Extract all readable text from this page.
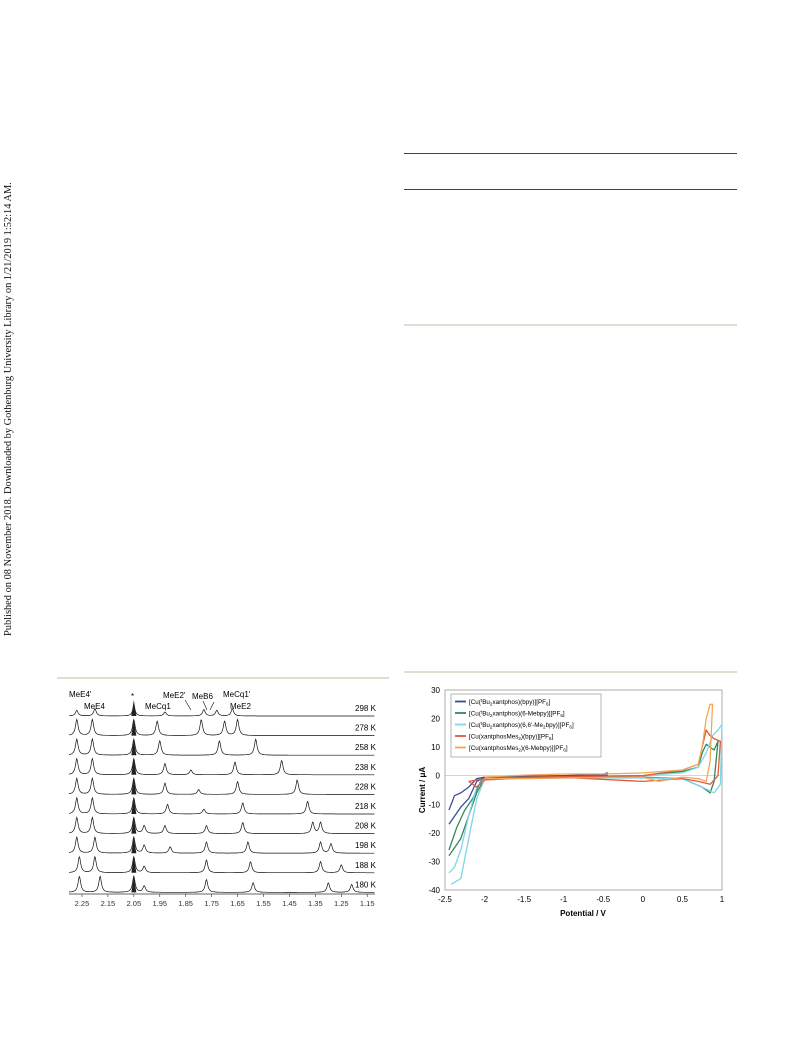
Published on 08 November 2018. Downloaded by Gothenburg University Library on 1/21/2019 1:52:14 AM.
298 K
278 K
258 K
238 K
228 K
218 K
208 K
198 K
188 K
180 K
MeE4'
MeE4
*
MeCq1
MeE2' MeB6 MeCq1'
MeE2
2.25 2.15 2.05 1.95 1.85 1.75 1.65 1.55 1.45 1.35 1.25 1.15	-2.5	-2	-1.5	-1	-0.5	0	0.5	1
30
20
10
0
-10
-20
-30
-40
Potential / V
Current / μA
$[Cu(^tBu_2xantphos)(bpy)][PF_6]$
$[Cu(^tBu_2xantphos)(6-Mebpy)][PF_6]$
$[Cu(^tBu_2xantphos)(6,6'-Me_2bpy)][PF_6]$
$[Cu(xantphosMes_2)(bpy)][PF_6]$
$[Cu(xantphosMes_2)(6-Mebpy)][PF_6]$
